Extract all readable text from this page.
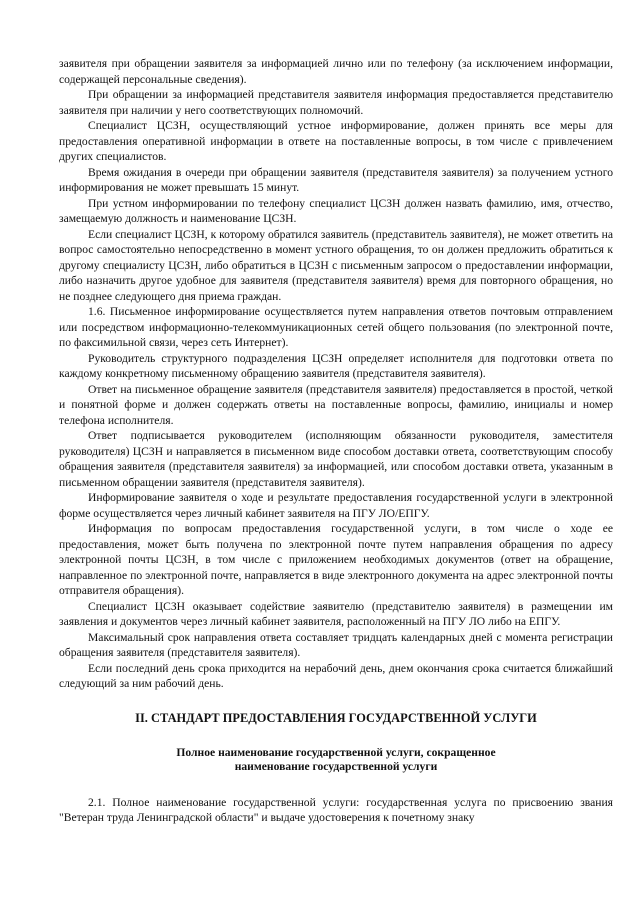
заявителя при обращении заявителя за информацией лично или по телефону (за исключением информации, содержащей персональные сведения).

При обращении за информацией представителя заявителя информация предоставляется представителю заявителя при наличии у него соответствующих полномочий.

Специалист ЦСЗН, осуществляющий устное информирование, должен принять все меры для предоставления оперативной информации в ответе на поставленные вопросы, в том числе с привлечением других специалистов.

Время ожидания в очереди при обращении заявителя (представителя заявителя) за получением устного информирования не может превышать 15 минут.

При устном информировании по телефону специалист ЦСЗН должен назвать фамилию, имя, отчество, замещаемую должность и наименование ЦСЗН.

Если специалист ЦСЗН, к которому обратился заявитель (представитель заявителя), не может ответить на вопрос самостоятельно непосредственно в момент устного обращения, то он должен предложить обратиться к другому специалисту ЦСЗН, либо обратиться в ЦСЗН с письменным запросом о предоставлении информации, либо назначить другое удобное для заявителя (представителя заявителя) время для повторного обращения, но не позднее следующего дня приема граждан.

1.6. Письменное информирование осуществляется путем направления ответов почтовым отправлением или посредством информационно-телекоммуникационных сетей общего пользования (по электронной почте, по факсимильной связи, через сеть Интернет).

Руководитель структурного подразделения ЦСЗН определяет исполнителя для подготовки ответа по каждому конкретному письменному обращению заявителя (представителя заявителя).

Ответ на письменное обращение заявителя (представителя заявителя) предоставляется в простой, четкой и понятной форме и должен содержать ответы на поставленные вопросы, фамилию, инициалы и номер телефона исполнителя.

Ответ подписывается руководителем (исполняющим обязанности руководителя, заместителя руководителя) ЦСЗН и направляется в письменном виде способом доставки ответа, соответствующим способу обращения заявителя (представителя заявителя) за информацией, или способом доставки ответа, указанным в письменном обращении заявителя (представителя заявителя).

Информирование заявителя о ходе и результате предоставления государственной услуги в электронной форме осуществляется через личный кабинет заявителя на ПГУ ЛО/ЕПГУ.

Информация по вопросам предоставления государственной услуги, в том числе о ходе ее предоставления, может быть получена по электронной почте путем направления обращения по адресу электронной почты ЦСЗН, в том числе с приложением необходимых документов (ответ на обращение, направленное по электронной почте, направляется в виде электронного документа на адрес электронной почты отправителя обращения).

Специалист ЦСЗН оказывает содействие заявителю (представителю заявителя) в размещении им заявления и документов через личный кабинет заявителя, расположенный на ПГУ ЛО либо на ЕПГУ.

Максимальный срок направления ответа составляет тридцать календарных дней с момента регистрации обращения заявителя (представителя заявителя).

Если последний день срока приходится на нерабочий день, днем окончания срока считается ближайший следующий за ним рабочий день.

II. СТАНДАРТ ПРЕДОСТАВЛЕНИЯ ГОСУДАРСТВЕННОЙ УСЛУГИ
Полное наименование государственной услуги, сокращенное
наименование государственной услуги

2.1. Полное наименование государственной услуги: государственная услуга по присвоению звания "Ветеран труда Ленинградской области" и выдаче удостоверения к почетному знаку
